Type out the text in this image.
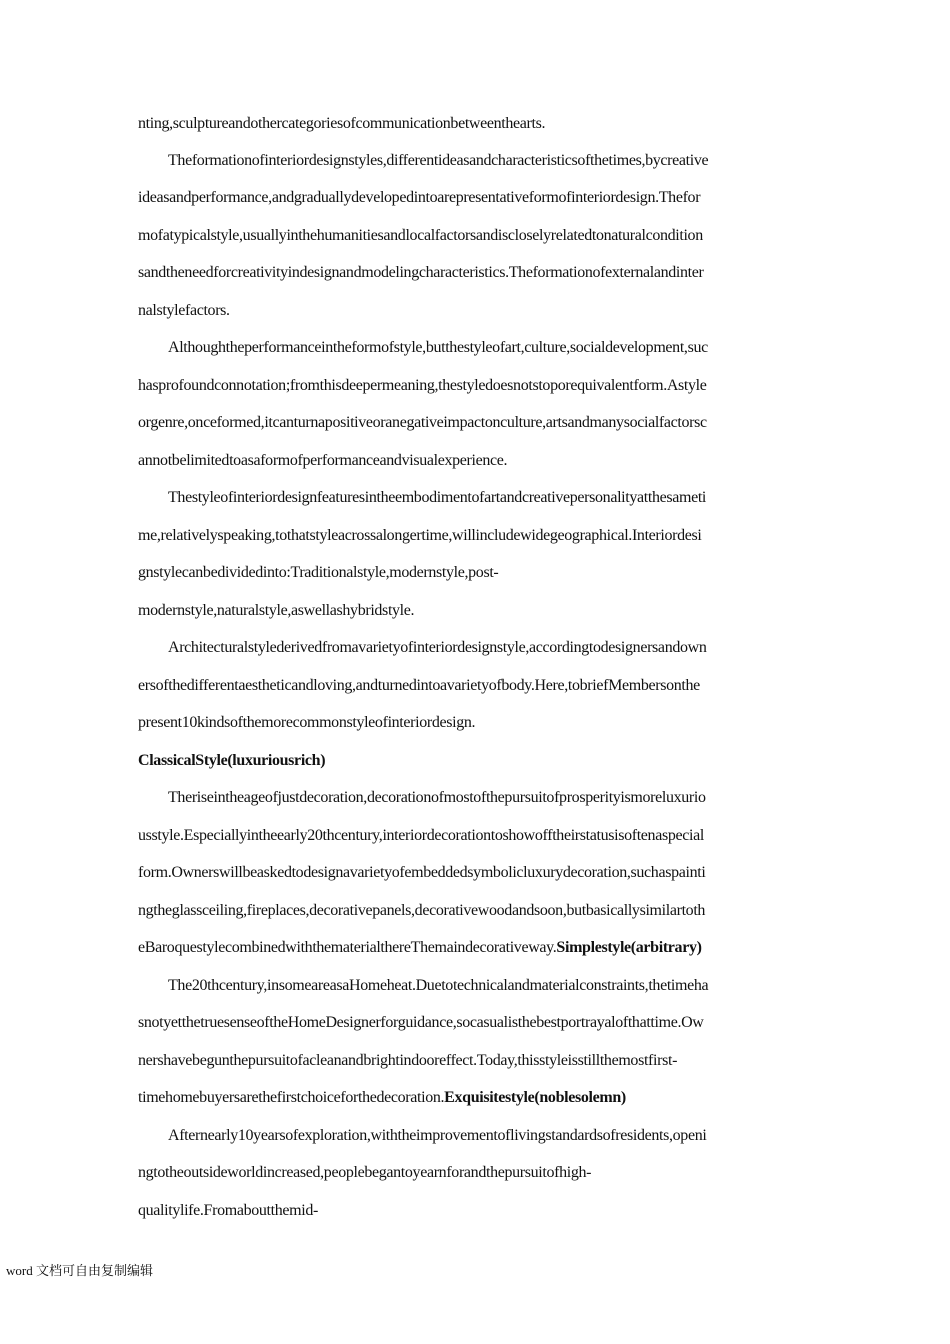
nting,sculptureandothercategoriesofcommunicationbetweenthearts.
Theformationofinteriordesignstyles,differentideasandcharacteristicsofthetimes,bycreative
ideasandperformance,andgraduallydevelopedintoarepresentativeformofinteriordesign.Thefor
mofatypicalstyle,usuallyinthehumanitiesandlocalfactorsandiscloselyrelatedtonaturalcondition
sandtheneedforcreativityindesignandmodelingcharacteristics.Theformationofexternalandinter
nalstylefactors.
Althoughtheperformanceintheformofstyle,butthestyleofart,culture,socialdevelopment,suc
hasprofoundconnotation;fromthisdeepermeaning,thestyledoesnotstoporequivalentform.Astyle
orgenre,onceformed,itcanturnapositiveoranegativeimpactonculture,artsandmanysocialfactorsc
annotbelimitedtoasaformofperformanceandvisualexperience.
Thestyleofinteriordesignfeaturesintheembodimentofartandcreativepersonalityatthesameti
me,relativelyspeaking,tothatstyleacrossalongertime,willincludewidegeographical.Interiordesi
gnstylecanbedividedinto:Traditionalstyle,modernstyle,post-
modernstyle,naturalstyle,aswellashybridstyle.
Architecturalstylederivedfromavarietyofinteriordesignstyle,accordingtodesignersandown
ersofthedifferentaestheticandloving,andturnedintoavarietyofbody.Here,tobriefMembersonthe
present10kindsofthemorecommonstyleofinteriordesign.
ClassicalStyle(luxuriousrich)
Theriseintheageofjustdecoration,decorationofmostofthepursuitofprosperityismoreluxurio
usstyle.Especiallyintheearly20thcentury,interiordecorationtoshowofftheirstatusisoftenaspecial
form.Ownerswillbeaskedtodesignavarietyofembeddedsymbolicluxurydecoration,suchaspainti
ngtheglassceiling,fireplaces,decorativepanels,decorativewoodandsoon,butbasicallysimilartoth
eBaroquestylecombinedwiththematerialthereThemaindecorativeway.Simplestyle(arbitrary)
The20thcentury,insomeareasaHomeheat.Duetotechnicalandmaterialconstraints,thetimeha
snotyetthetruesenseoftheHomeDesignerforguidance,socasualisthebestportrayalofthattime.Ow
nershavebegunthepursuitofacleanandbrightindooreffect.Today,thisstyleisstillthemostfirst-
timehomebuyersarethefirstchoiceforthedecoration.Exquisitestyle(noblesolemn)
Afternearly10yearsofexploration,withtheimprovementoflivingstandardsofresidents,openi
ngtotheoutsideworldincreased,peoplebegantoyearnforandthepursuitofhigh-
qualitylife.Fromaboutthemid-
word 文档可自由复制编辑
